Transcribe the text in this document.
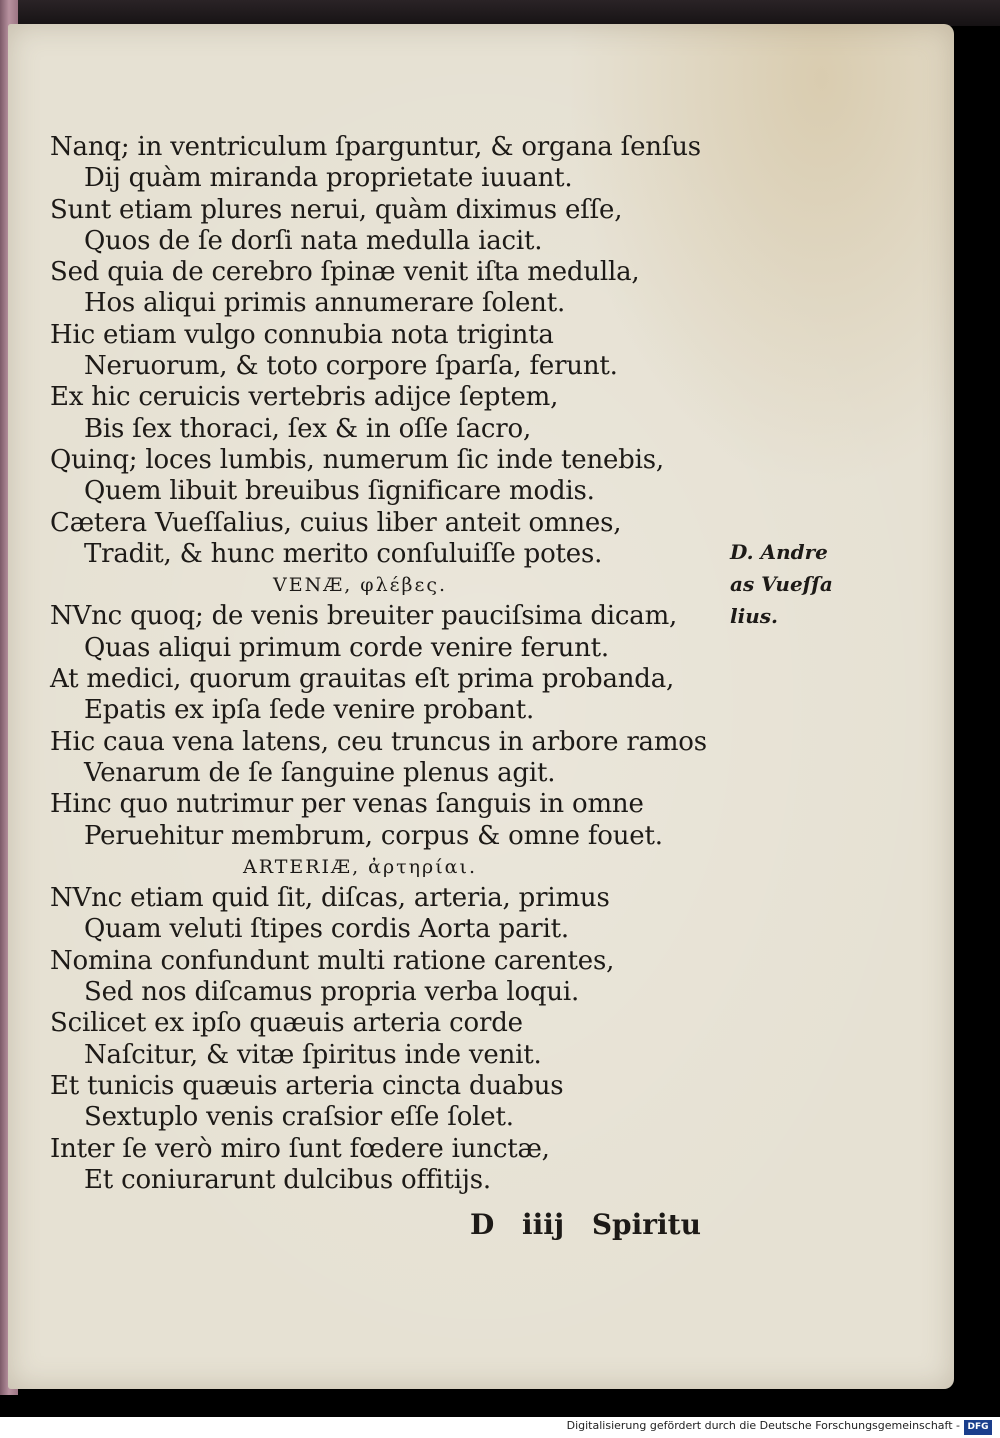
Nanq; in ventriculum ſparguntur, & organa ſenſus
Dij quàm miranda proprietate iuuant.
Sunt etiam plures nerui, quàm diximus eſſe,
Quos de ſe dorſi nata medulla iacit.
Sed quia de cerebro ſpinæ venit iſta medulla,
Hos aliqui primis annumerare ſolent.
Hic etiam vulgo connubia nota triginta
Neruorum, & toto corpore ſparſa, ferunt.
Ex hic ceruicis vertebris adijce ſeptem,
Bis ſex thoraci, ſex & in oſſe ſacro,
Quinq; loces lumbis, numerum ſic inde tenebis,
Quem libuit breuibus ſignificare modis.
Cætera Vueſſalius, cuius liber anteit omnes,
Tradit, & hunc merito conſuluiſſe potes.
VENÆ, φλέβες.
NVnc quoq; de venis breuiter pauciſsima dicam,
Quas aliqui primum corde venire ferunt.
At medici, quorum grauitas eſt prima probanda,
Epatis ex ipſa ſede venire probant.
Hic caua vena latens, ceu truncus in arbore ramos
Venarum de ſe ſanguine plenus agit.
Hinc quo nutrimur per venas ſanguis in omne
Peruehitur membrum, corpus & omne fouet.
ARTERIÆ, ἀρτηρίαι.
NVnc etiam quid ſit, diſcas, arteria, primus
Quam veluti ſtipes cordis Aorta parit.
Nomina confundunt multi ratione carentes,
Sed nos diſcamus propria verba loqui.
Scilicet ex ipſo quæuis arteria corde
Naſcitur, & vitæ ſpiritus inde venit.
Et tunicis quæuis arteria cincta duabus
Sextuplo venis craſsior eſſe ſolet.
Inter ſe verò miro ſunt fœdere iunctæ,
Et coniurarunt dulcibus offitijs.
D. Andre
as Vueſſa
lius.
D iiij Spiritu
Digitalisierung gefördert durch die Deutsche Forschungsgemeinschaft - DFG
